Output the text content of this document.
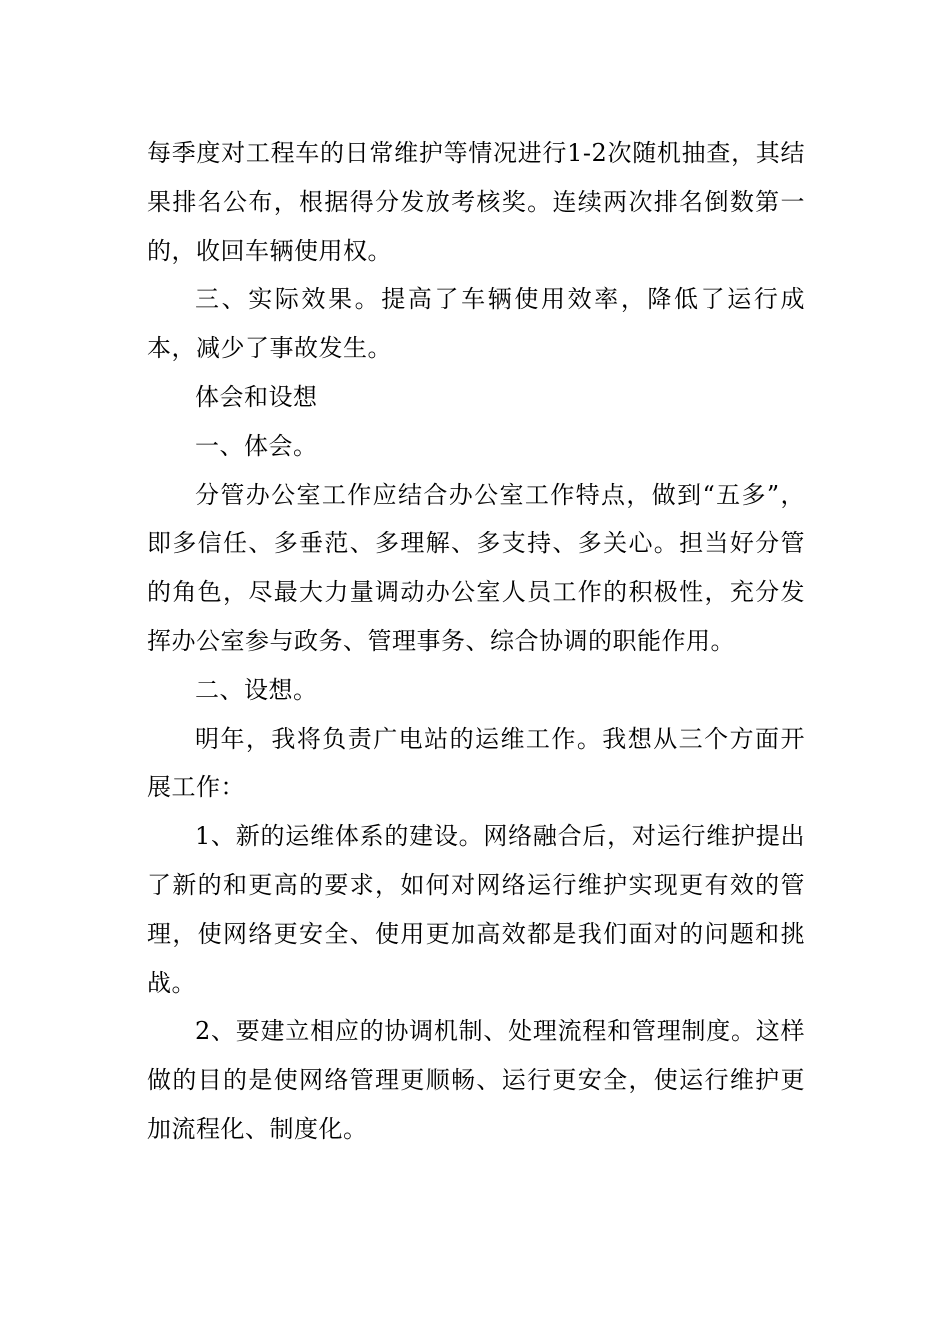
每季度对工程车的日常维护等情况进行1-2次随机抽查，其结果排名公布，根据得分发放考核奖。连续两次排名倒数第一的，收回车辆使用权。

三、实际效果。提高了车辆使用效率，降低了运行成本，减少了事故发生。

体会和设想

一、体会。

分管办公室工作应结合办公室工作特点，做到“五多”，即多信任、多垂范、多理解、多支持、多关心。担当好分管的角色，尽最大力量调动办公室人员工作的积极性，充分发挥办公室参与政务、管理事务、综合协调的职能作用。

二、设想。

明年，我将负责广电站的运维工作。我想从三个方面开展工作：

1、新的运维体系的建设。网络融合后，对运行维护提出了新的和更高的要求，如何对网络运行维护实现更有效的管理，使网络更安全、使用更加高效都是我们面对的问题和挑战。

2、要建立相应的协调机制、处理流程和管理制度。这样做的目的是使网络管理更顺畅、运行更安全，使运行维护更加流程化、制度化。
